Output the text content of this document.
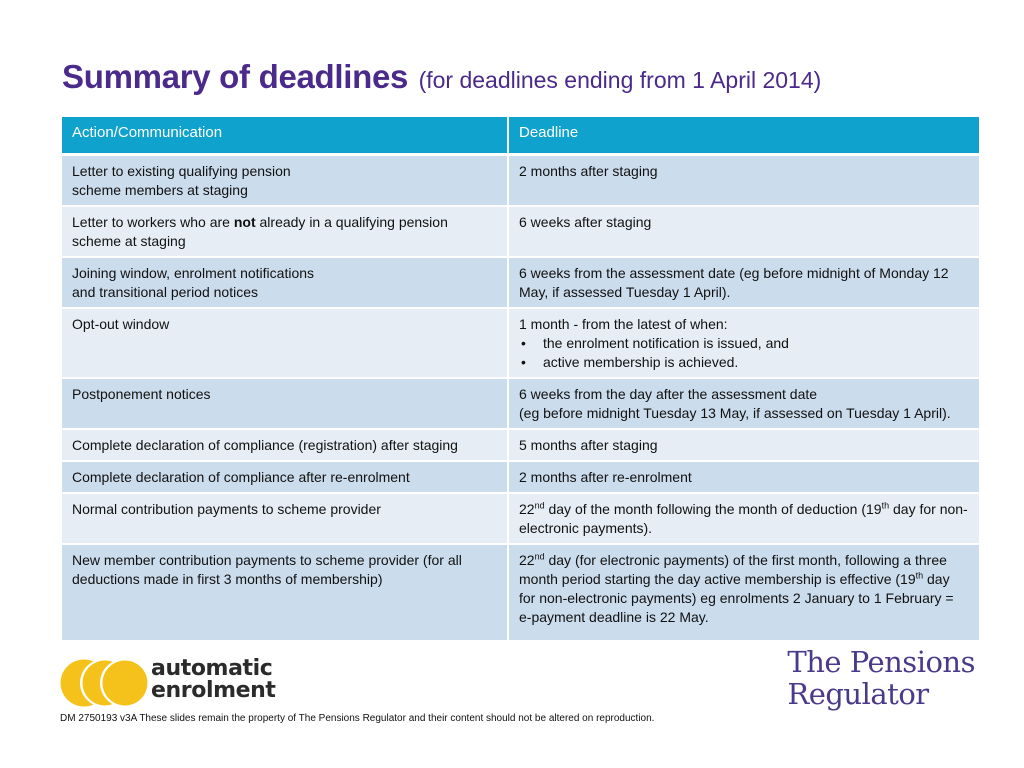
Summary of deadlines (for deadlines ending from 1 April 2014)
Action/Communication	Deadline
Letter to existing qualifying pension
scheme members at staging	2 months after staging
Letter to workers who are not already in a qualifying pension scheme at staging	6 weeks after staging
Joining window, enrolment notifications
and transitional period notices	6 weeks from the assessment date (eg before midnight of Monday 12 May, if assessed Tuesday 1 April).
Opt-out window	1 month - from the latest of when:
• the enrolment notification is issued, and
• active membership is achieved.

Postponement notices	6 weeks from the day after the assessment date
(eg before midnight Tuesday 13 May, if assessed on Tuesday 1 April).
Complete declaration of compliance (registration) after staging	5 months after staging
Complete declaration of compliance after re-enrolment	2 months after re-enrolment
Normal contribution payments to scheme provider	22nd day of the month following the month of deduction (19th day for non-electronic payments).
New member contribution payments to scheme provider (for all deductions made in first 3 months of membership)	22nd day (for electronic payments) of the first month, following a three month period starting the day active membership is effective (19th day for non-electronic payments) eg enrolments 2 January to 1 February = e-payment deadline is 22 May.
automatic
enrolment
The Pensions
Regulator
DM 2750193 v3A These slides remain the property of The Pensions Regulator and their content should not be altered on reproduction.
